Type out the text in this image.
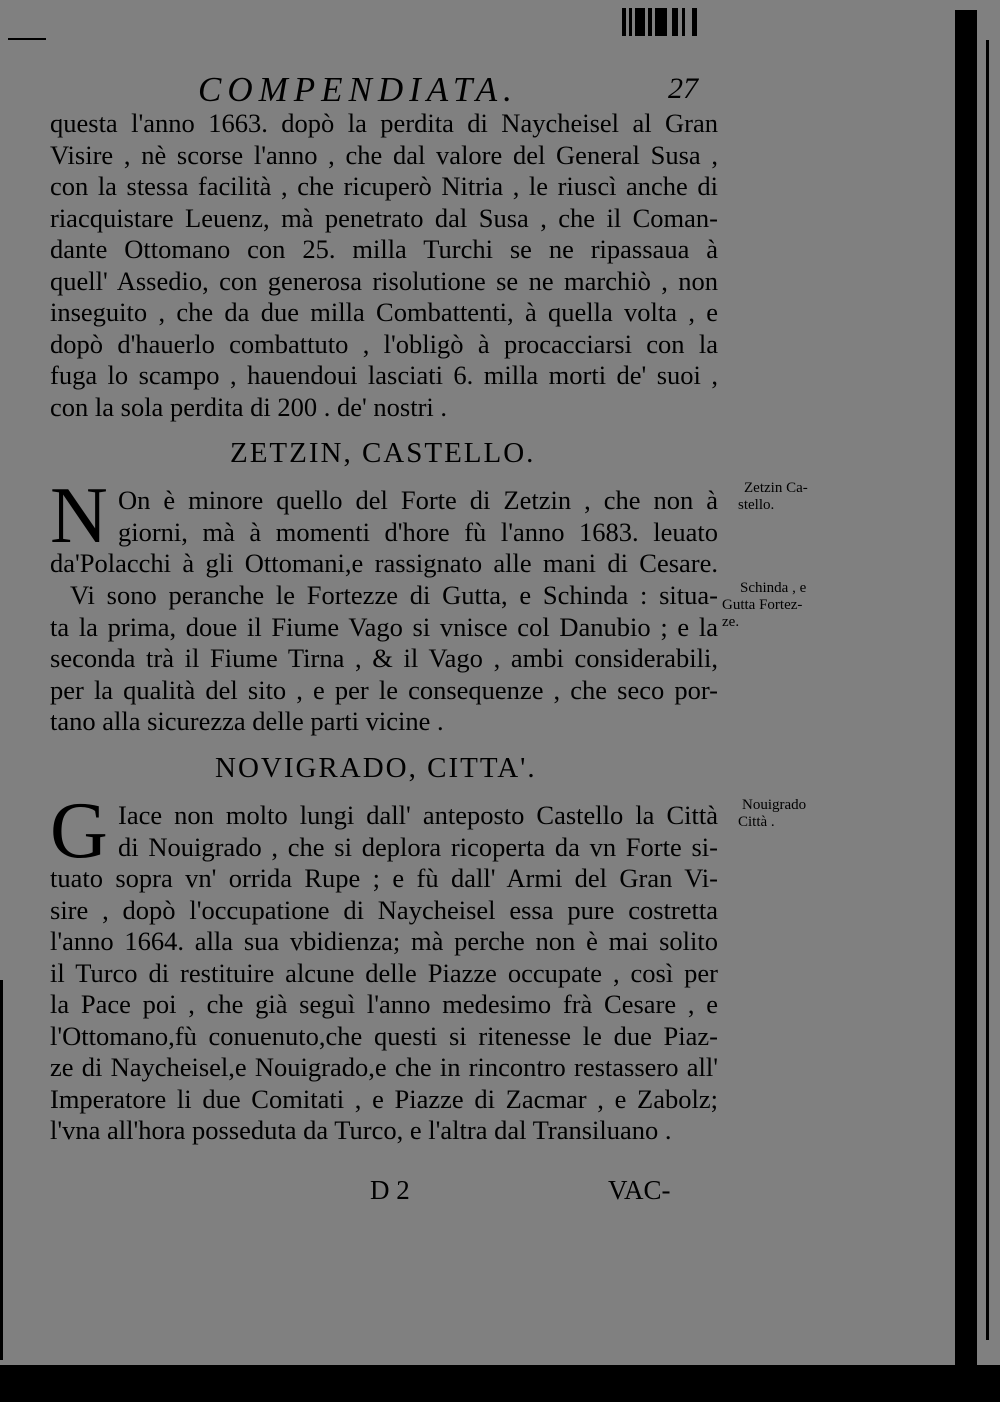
COMPENDIATA.	27
questa l'anno 1663. dopò la perdita di Naycheisel al Gran
Visire , nè scorse l'anno , che dal valore del General Susa ,
con la stessa facilità , che ricuperò Nitria , le riuscì anche di
riacquistare Leuenz, mà penetrato dal Susa , che il Coman-
dante Ottomano con 25. milla Turchi se ne ripassaua à
quell' Assedio, con generosa risolutione se ne marchiò , non
inseguito , che da due milla Combattenti, à quella volta , e
dopò d'hauerlo combattuto , l'obligò à procacciarsi con la
fuga lo scampo , hauendoui lasciati 6. milla morti de' suoi ,
con la sola perdita di 200 . de' nostri .
ZETZIN, CASTELLO.
N On è minore quello del Forte di Zetzin , che non à
giorni, mà à momenti d'hore fù l'anno 1683. leuato
da'Polacchi à gli Ottomani,e rassignato alle mani di Cesare.
Vi sono peranche le Fortezze di Gutta, e Schinda : situa-
ta la prima, doue il Fiume Vago si vnisce col Danubio ; e la
seconda trà il Fiume Tirna , & il Vago , ambi considerabili,
per la qualità del sito , e per le consequenze , che seco por-
tano alla sicurezza delle parti vicine .
NOVIGRADO, CITTA'.
G Iace non molto lungi dall' anteposto Castello la Città
di Nouigrado , che si deplora ricoperta da vn Forte si-
tuato sopra vn' orrida Rupe ; e fù dall' Armi del Gran Vi-
sire , dopò l'occupatione di Naycheisel essa pure costretta
l'anno 1664. alla sua vbidienza; mà perche non è mai solito
il Turco di restituire alcune delle Piazze occupate , così per
la Pace poi , che già seguì l'anno medesimo frà Cesare , e
l'Ottomano,fù conuenuto,che questi si ritenesse le due Piaz-
ze di Naycheisel,e Nouigrado,e che in rincontro restassero all'
Imperatore li due Comitati , e Piazze di Zacmar , e Zabolz;
l'vna all'hora posseduta da Turco, e l'altra dal Transiluano .
Zetzin Ca-
stello.
Schinda , e
Gutta Fortez-
ze.
Nouigrado
Città .
D 2	VAC-
